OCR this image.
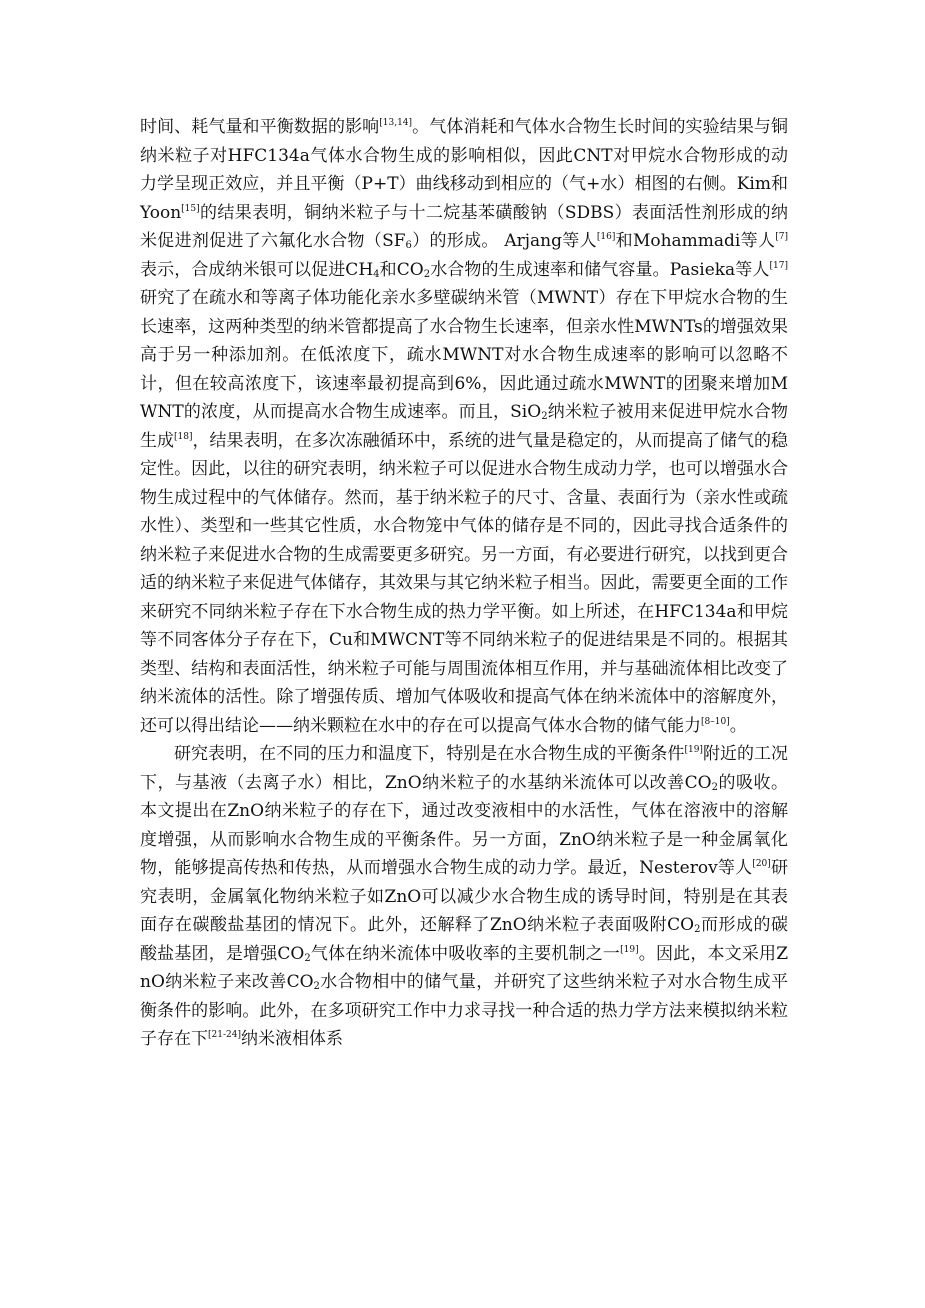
时间、耗气量和平衡数据的影响[13,14]。气体消耗和气体水合物生长时间的实验结果与铜纳米粒子对HFC134a气体水合物生成的影响相似，因此CNT对甲烷水合物形成的动力学呈现正效应，并且平衡（P+T）曲线移动到相应的（气+水）相图的右侧。Kim和Yoon[15]的结果表明，铜纳米粒子与十二烷基苯磺酸钠（SDBS）表面活性剂形成的纳米促进剂促进了六氟化水合物$(SF_6)$的形成。 Arjang等人[16]和Mohammadi等人[7]表示，合成纳米银可以促进$CH_4$和$CO_2$水合物的生成速率和储气容量。Pasieka等人[17]研究了在疏水和等离子体功能化亲水多壁碳纳米管（MWNT）存在下甲烷水合物的生长速率，这两种类型的纳米管都提高了水合物生长速率，但亲水性MWNTs的增强效果高于另一种添加剂。在低浓度下，疏水MWNT对水合物生成速率的影响可以忽略不计，但在较高浓度下，该速率最初提高到6%，因此通过疏水MWNT的团聚来增加MWNT的浓度，从而提高水合物生成速率。而且，SiO$_2$纳米粒子被用来促进甲烷水合物生成[18]，结果表明，在多次冻融循环中，系统的进气量是稳定的，从而提高了储气的稳定性。因此，以往的研究表明，纳米粒子可以促进水合物生成动力学，也可以增强水合物生成过程中的气体储存。然而，基于纳米粒子的尺寸、含量、表面行为（亲水性或疏水性）、类型和一些其它性质，水合物笼中气体的储存是不同的，因此寻找合适条件的纳米粒子来促进水合物的生成需要更多研究。另一方面，有必要进行研究，以找到更合适的纳米粒子来促进气体储存，其效果与其它纳米粒子相当。因此，需要更全面的工作来研究不同纳米粒子存在下水合物生成的热力学平衡。如上所述，在HFC134a和甲烷等不同客体分子存在下，Cu和MWCNT等不同纳米粒子的促进结果是不同的。根据其类型、结构和表面活性，纳米粒子可能与周围流体相互作用，并与基础流体相比改变了纳米流体的活性。除了增强传质、增加气体吸收和提高气体在纳米流体中的溶解度外，还可以得出结论——纳米颗粒在水中的存在可以提高气体水合物的储气能力[8–10]。

研究表明，在不同的压力和温度下，特别是在水合物生成的平衡条件[19]附近的工况下，与基液（去离子水）相比，ZnO纳米粒子的水基纳米流体可以改善$CO_2$的吸收。本文提出在ZnO纳米粒子的存在下，通过改变液相中的水活性，气体在溶液中的溶解度增强，从而影响水合物生成的平衡条件。另一方面，ZnO纳米粒子是一种金属氧化物，能够提高传热和传热，从而增强水合物生成的动力学。最近，Nesterov等人[20]研究表明，金属氧化物纳米粒子如ZnO可以减少水合物生成的诱导时间，特别是在其表面存在碳酸盐基团的情况下。此外，还解释了ZnO纳米粒子表面吸附$CO_2$而形成的碳酸盐基团，是增强$CO_2$气体在纳米流体中吸收率的主要机制之一[19]。因此，本文采用ZnO纳米粒子来改善$CO_2$水合物相中的储气量，并研究了这些纳米粒子对水合物生成平衡条件的影响。此外，在多项研究工作中力求寻找一种合适的热力学方法来模拟纳米粒子存在下[21-24]纳米液相体系
